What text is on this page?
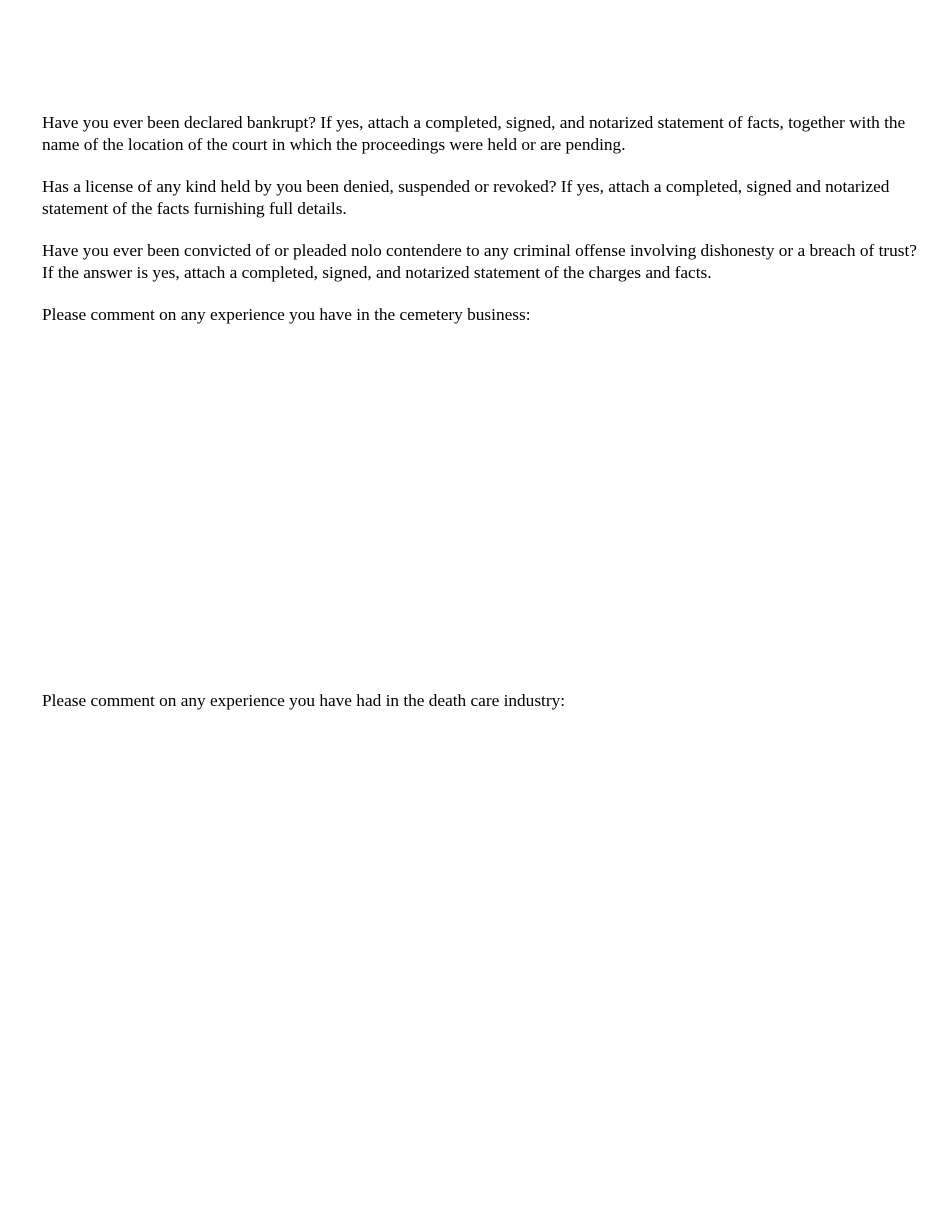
Have you ever been declared bankrupt? If yes, attach a completed, signed, and notarized statement of facts, together with the name of the location of the court in which the proceedings were held or are pending.

Has a license of any kind held by you been denied, suspended or revoked? If yes, attach a completed, signed and notarized statement of the facts furnishing full details.

Have you ever been convicted of or pleaded nolo contendere to any criminal offense involving dishonesty or a breach of trust? If the answer is yes, attach a completed, signed, and notarized statement of the charges and facts.

Please comment on any experience you have in the cemetery business:

Please comment on any experience you have had in the death care industry:
